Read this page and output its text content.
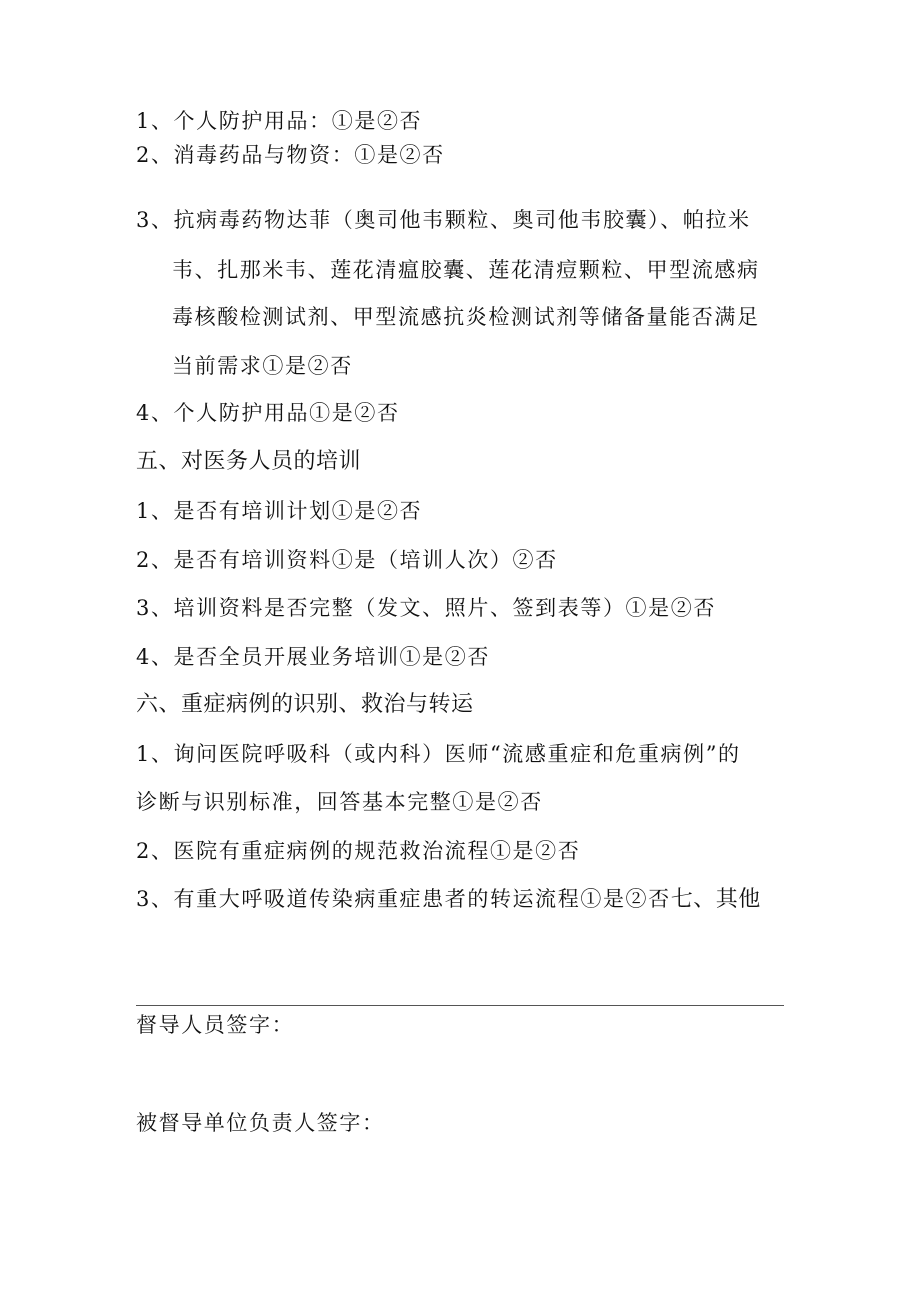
1、个人防护用品：①是②否
2、消毒药品与物资：①是②否
3、抗病毒药物达菲（奥司他韦颗粒、奥司他韦胶囊）、帕拉米
韦、扎那米韦、莲花清瘟胶囊、莲花清痘颗粒、甲型流感病
毒核酸检测试剂、甲型流感抗炎检测试剂等储备量能否满足
当前需求①是②否
4、个人防护用品①是②否
五、对医务人员的培训
1、是否有培训计划①是②否
2、是否有培训资料①是（培训人次）②否
3、培训资料是否完整（发文、照片、签到表等）①是②否
4、是否全员开展业务培训①是②否
六、重症病例的识别、救治与转运
1、询问医院呼吸科（或内科）医师“流感重症和危重病例”的
诊断与识别标准，回答基本完整①是②否
2、医院有重症病例的规范救治流程①是②否
3、有重大呼吸道传染病重症患者的转运流程①是②否七、其他
督导人员签字：
被督导单位负责人签字：
